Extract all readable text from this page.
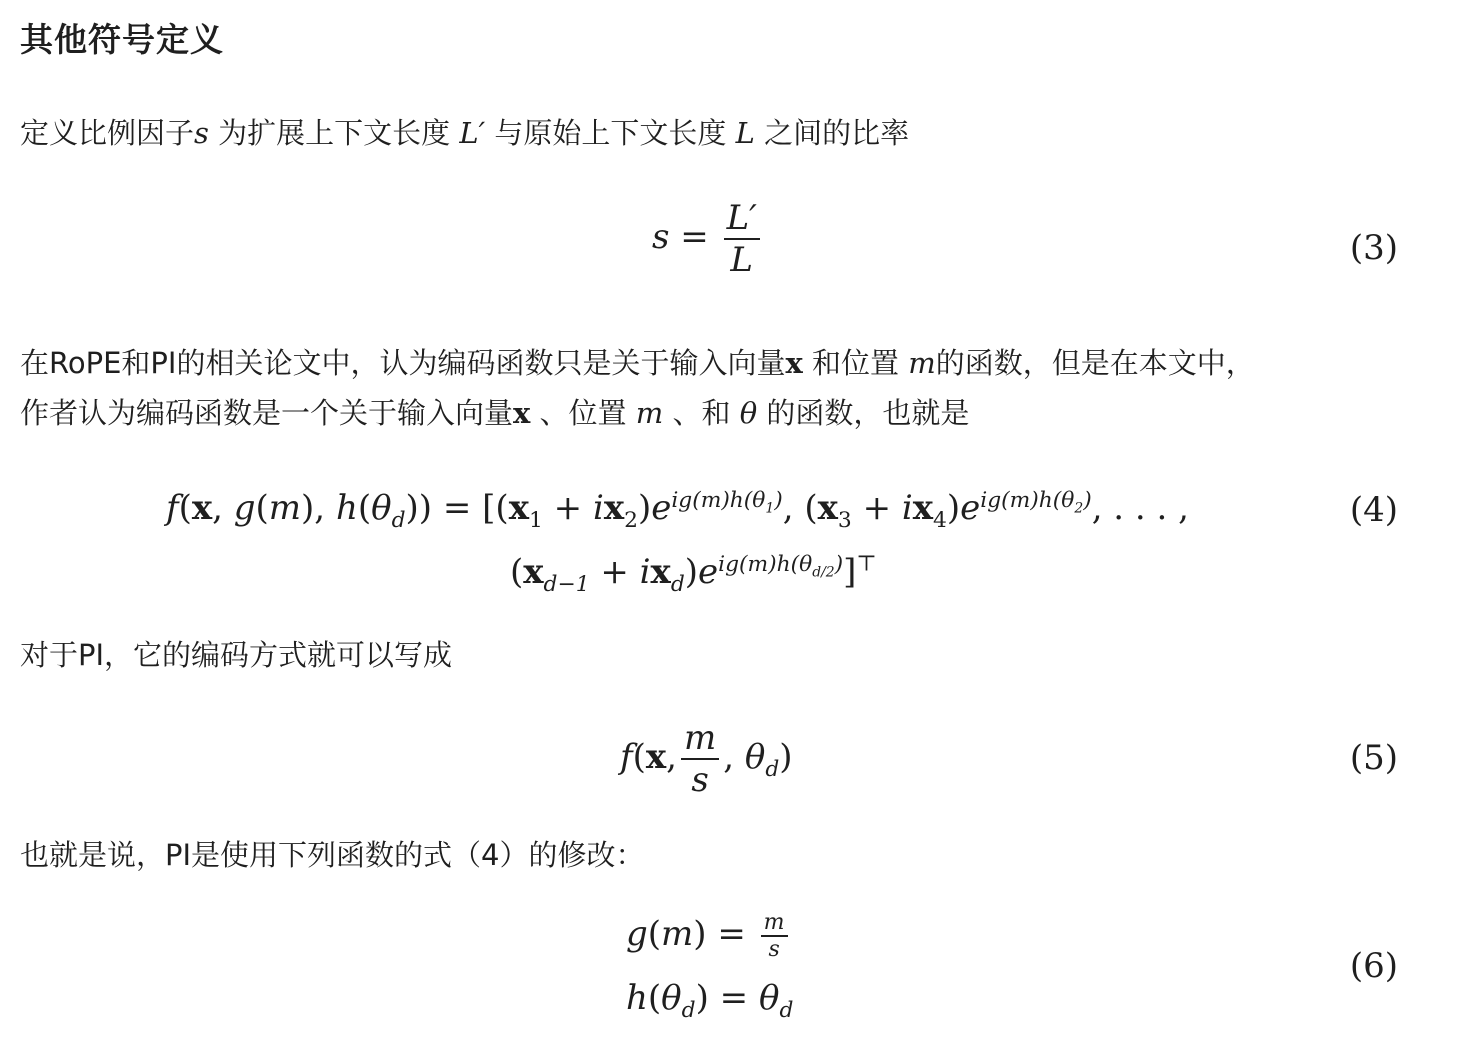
其他符号定义
定义比例因子s 为扩展上下文长度 L′ 与原始上下文长度 L 之间的比率
$s = \frac{L'}{L}$	(3)
在RoPE和PI的相关论文中，认为编码函数只是关于输入向量x 和位置 m的函数，但是在本文中，
作者认为编码函数是一个关于输入向量x 、位置 m 、和 θ 的函数，也就是
f(x, g(m), $h(\theta_d)) = [(x_1 + ix_2)e^{ig(m)h(\theta_1)}$, $(x_3 + ix_4)e^{ig(m)h(\theta_2)}$, . . . ,
$(x_{d-1} + ix_d)e^{ig(m)h(\theta_{d/2})}]^⊤$
(4)
对于PI，它的编码方式就可以写成
f(x, $\frac{m}{s}$ , $\theta_d$)	(5)
也就是说，PI是使用下列函数的式（4）的修改：
$g(m) = \frac{m}{s}$
$h(\theta_d) = \theta_d$
(6)
